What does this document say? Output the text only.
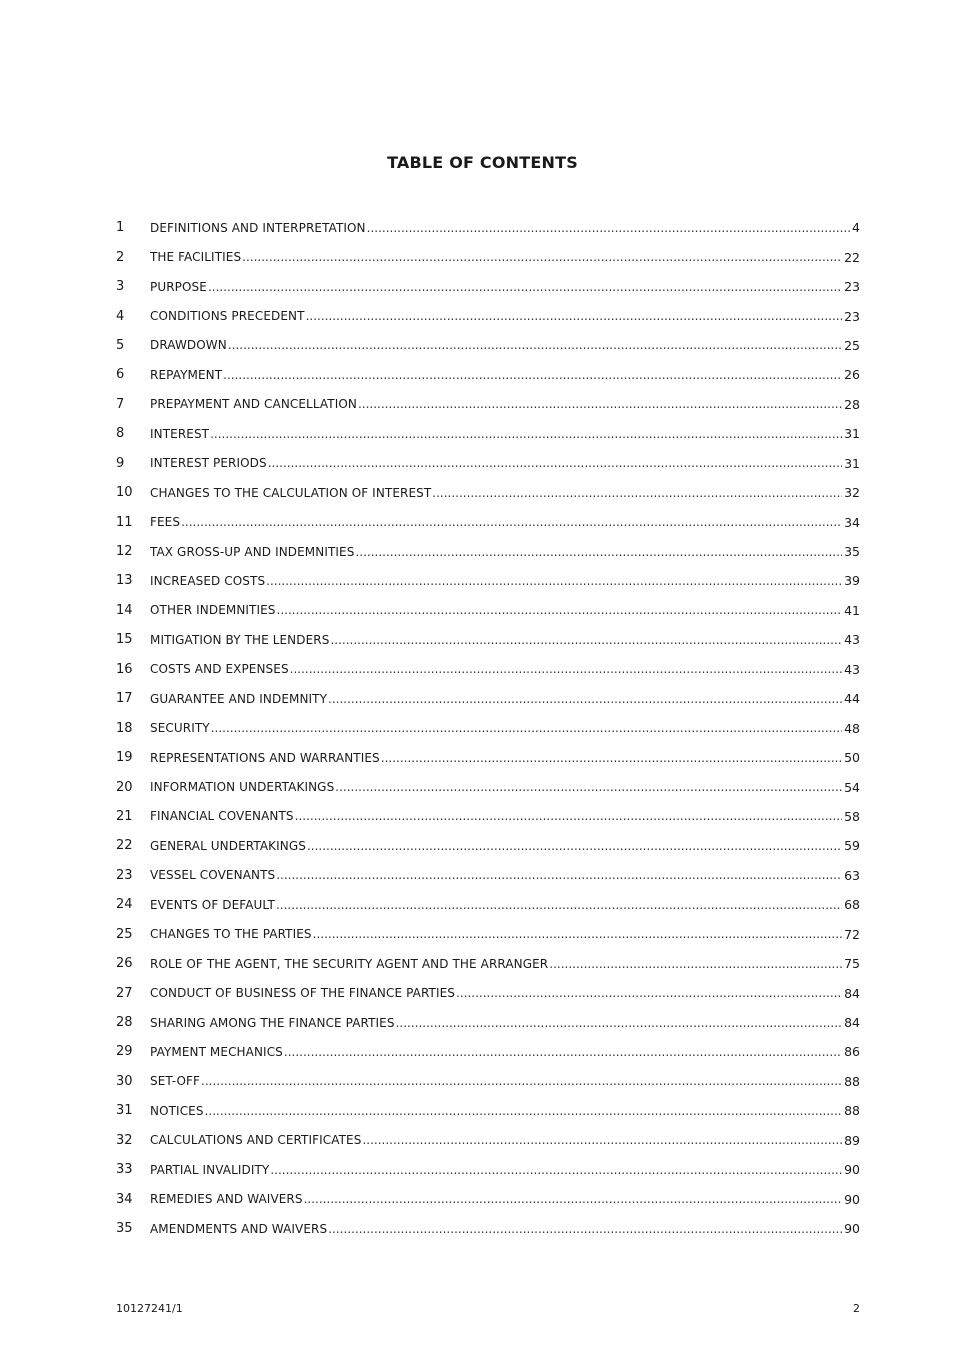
TABLE OF CONTENTS
1	DEFINITIONS AND INTERPRETATION .....	4
2	THE FACILITIES .....	22
3	PURPOSE .....	23
4	CONDITIONS PRECEDENT .....	23
5	DRAWDOWN .....	25
6	REPAYMENT .....	26
7	PREPAYMENT AND CANCELLATION .....	28
8	INTEREST .....	31
9	INTEREST PERIODS .....	31
10	CHANGES TO THE CALCULATION OF INTEREST .....	32
11	FEES .....	34
12	TAX GROSS-UP AND INDEMNITIES .....	35
13	INCREASED COSTS .....	39
14	OTHER INDEMNITIES .....	41
15	MITIGATION BY THE LENDERS .....	43
16	COSTS AND EXPENSES .....	43
17	GUARANTEE AND INDEMNITY .....	44
18	SECURITY .....	48
19	REPRESENTATIONS AND WARRANTIES .....	50
20	INFORMATION UNDERTAKINGS .....	54
21	FINANCIAL COVENANTS .....	58
22	GENERAL UNDERTAKINGS .....	59
23	VESSEL COVENANTS .....	63
24	EVENTS OF DEFAULT .....	68
25	CHANGES TO THE PARTIES .....	72
26	ROLE OF THE AGENT, THE SECURITY AGENT AND THE ARRANGER .....	75
27	CONDUCT OF BUSINESS OF THE FINANCE PARTIES .....	84
28	SHARING AMONG THE FINANCE PARTIES .....	84
29	PAYMENT MECHANICS .....	86
30	SET-OFF .....	88
31	NOTICES .....	88
32	CALCULATIONS AND CERTIFICATES .....	89
33	PARTIAL INVALIDITY .....	90
34	REMEDIES AND WAIVERS .....	90
35	AMENDMENTS AND WAIVERS .....	90
10127241/1	2
